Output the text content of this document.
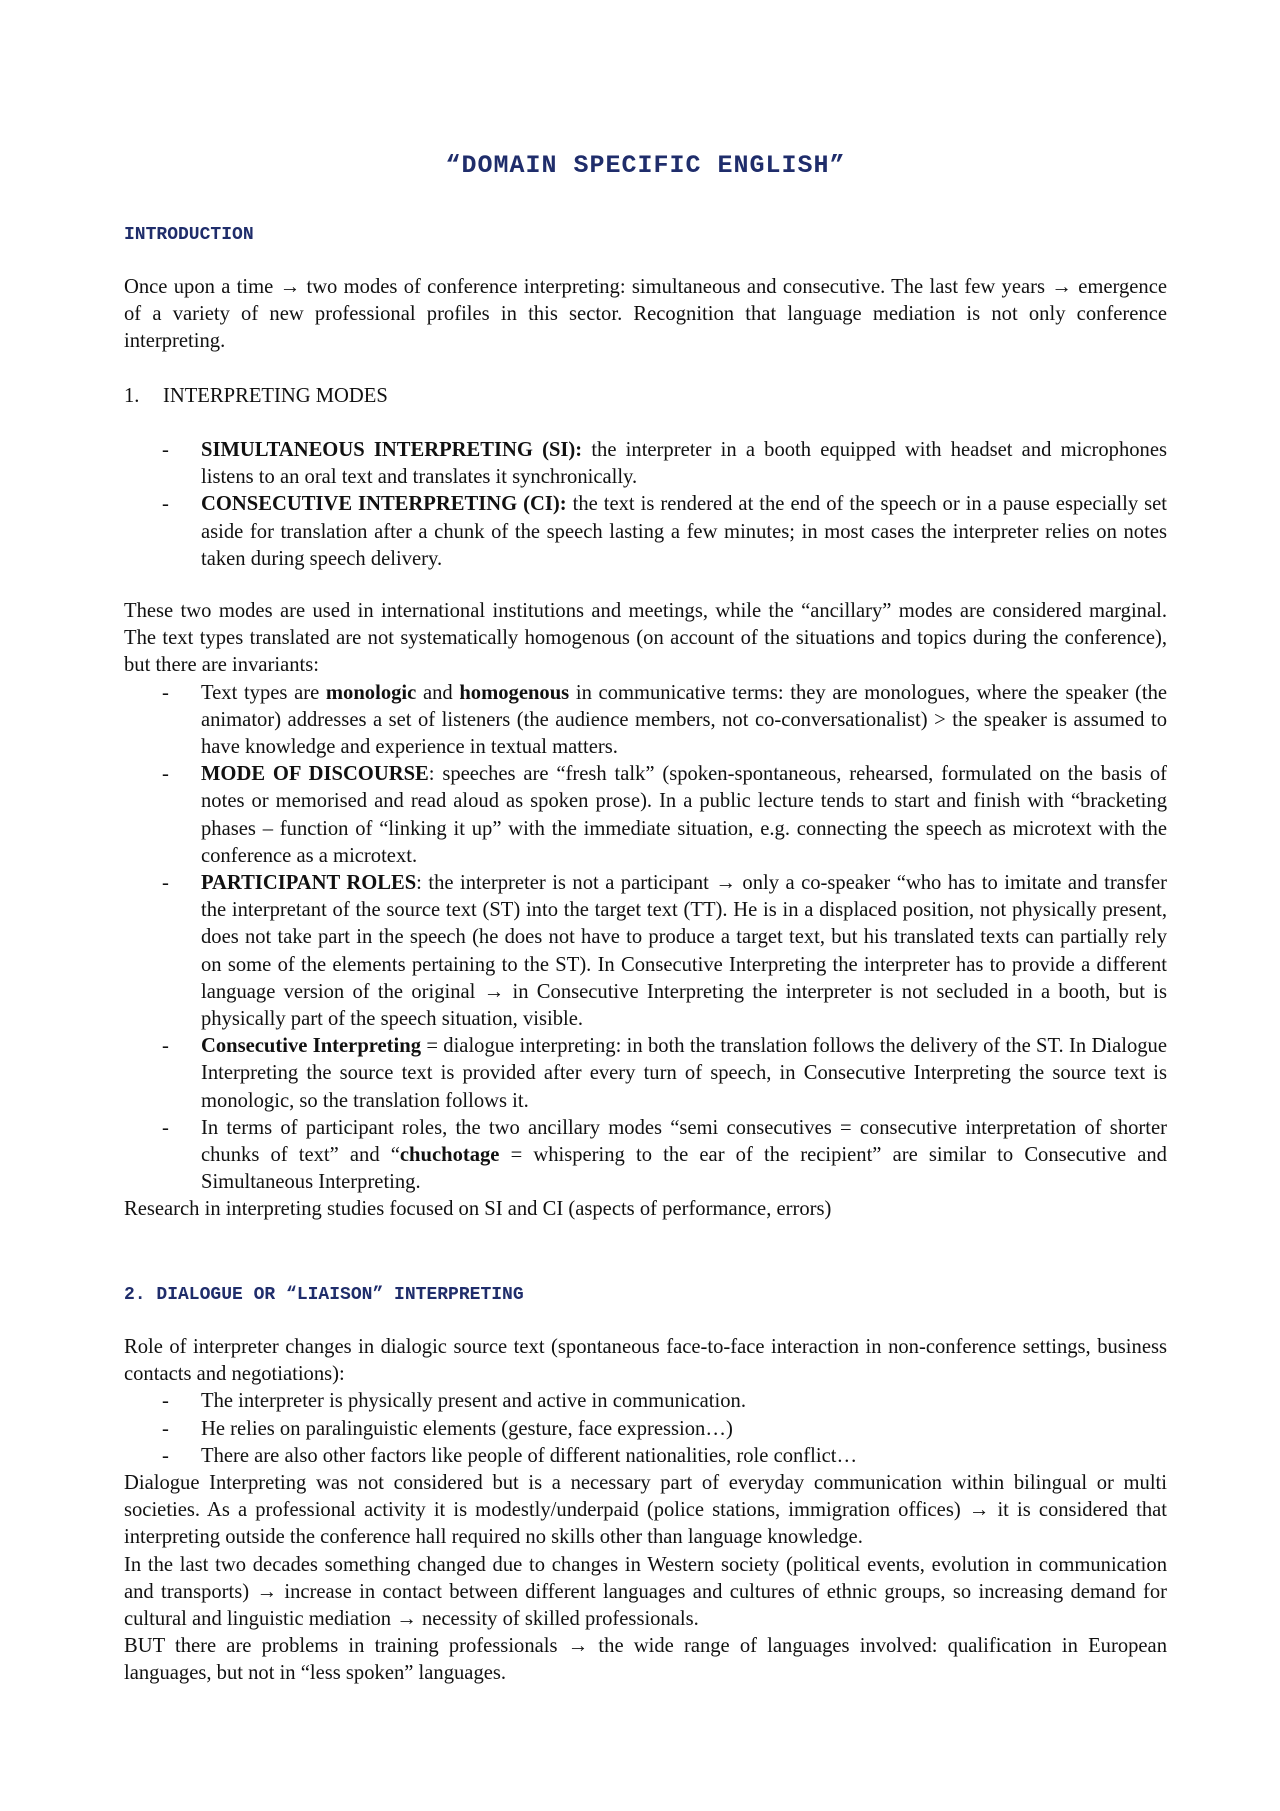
“DOMAIN SPECIFIC ENGLISH”
INTRODUCTION

Once upon a time → two modes of conference interpreting: simultaneous and consecutive. The last few years → emergence of a variety of new professional profiles in this sector. Recognition that language mediation is not only conference interpreting.

1. INTERPRETING MODES
- SIMULTANEOUS INTERPRETING (SI): the interpreter in a booth equipped with headset and microphones listens to an oral text and translates it synchronically.
- CONSECUTIVE INTERPRETING (CI): the text is rendered at the end of the speech or in a pause especially set aside for translation after a chunk of the speech lasting a few minutes; in most cases the interpreter relies on notes taken during speech delivery.

These two modes are used in international institutions and meetings, while the “ancillary” modes are considered marginal. The text types translated are not systematically homogenous (on account of the situations and topics during the conference), but there are invariants:

- Text types are monologic and homogenous in communicative terms: they are monologues, where the speaker (the animator) addresses a set of listeners (the audience members, not co-conversationalist) > the speaker is assumed to have knowledge and experience in textual matters.
- MODE OF DISCOURSE: speeches are “fresh talk” (spoken-spontaneous, rehearsed, formulated on the basis of notes or memorised and read aloud as spoken prose). In a public lecture tends to start and finish with “bracketing phases – function of “linking it up” with the immediate situation, e.g. connecting the speech as microtext with the conference as a microtext.
- PARTICIPANT ROLES: the interpreter is not a participant → only a co-speaker “who has to imitate and transfer the interpretant of the source text (ST) into the target text (TT). He is in a displaced position, not physically present, does not take part in the speech (he does not have to produce a target text, but his translated texts can partially rely on some of the elements pertaining to the ST). In Consecutive Interpreting the interpreter has to provide a different language version of the original → in Consecutive Interpreting the interpreter is not secluded in a booth, but is physically part of the speech situation, visible.
- Consecutive Interpreting = dialogue interpreting: in both the translation follows the delivery of the ST. In Dialogue Interpreting the source text is provided after every turn of speech, in Consecutive Interpreting the source text is monologic, so the translation follows it.
- In terms of participant roles, the two ancillary modes “semi consecutives = consecutive interpretation of shorter chunks of text” and “chuchotage = whispering to the ear of the recipient” are similar to Consecutive and Simultaneous Interpreting.

Research in interpreting studies focused on SI and CI (aspects of performance, errors)

2. DIALOGUE OR “LIAISON” INTERPRETING

Role of interpreter changes in dialogic source text (spontaneous face-to-face interaction in non-conference settings, business contacts and negotiations):

- The interpreter is physically present and active in communication.
- He relies on paralinguistic elements (gesture, face expression…)
- There are also other factors like people of different nationalities, role conflict…

Dialogue Interpreting was not considered but is a necessary part of everyday communication within bilingual or multi societies. As a professional activity it is modestly/underpaid (police stations, immigration offices) → it is considered that interpreting outside the conference hall required no skills other than language knowledge.

In the last two decades something changed due to changes in Western society (political events, evolution in communication and transports) → increase in contact between different languages and cultures of ethnic groups, so increasing demand for cultural and linguistic mediation → necessity of skilled professionals.

BUT there are problems in training professionals → the wide range of languages involved: qualification in European languages, but not in “less spoken” languages.
